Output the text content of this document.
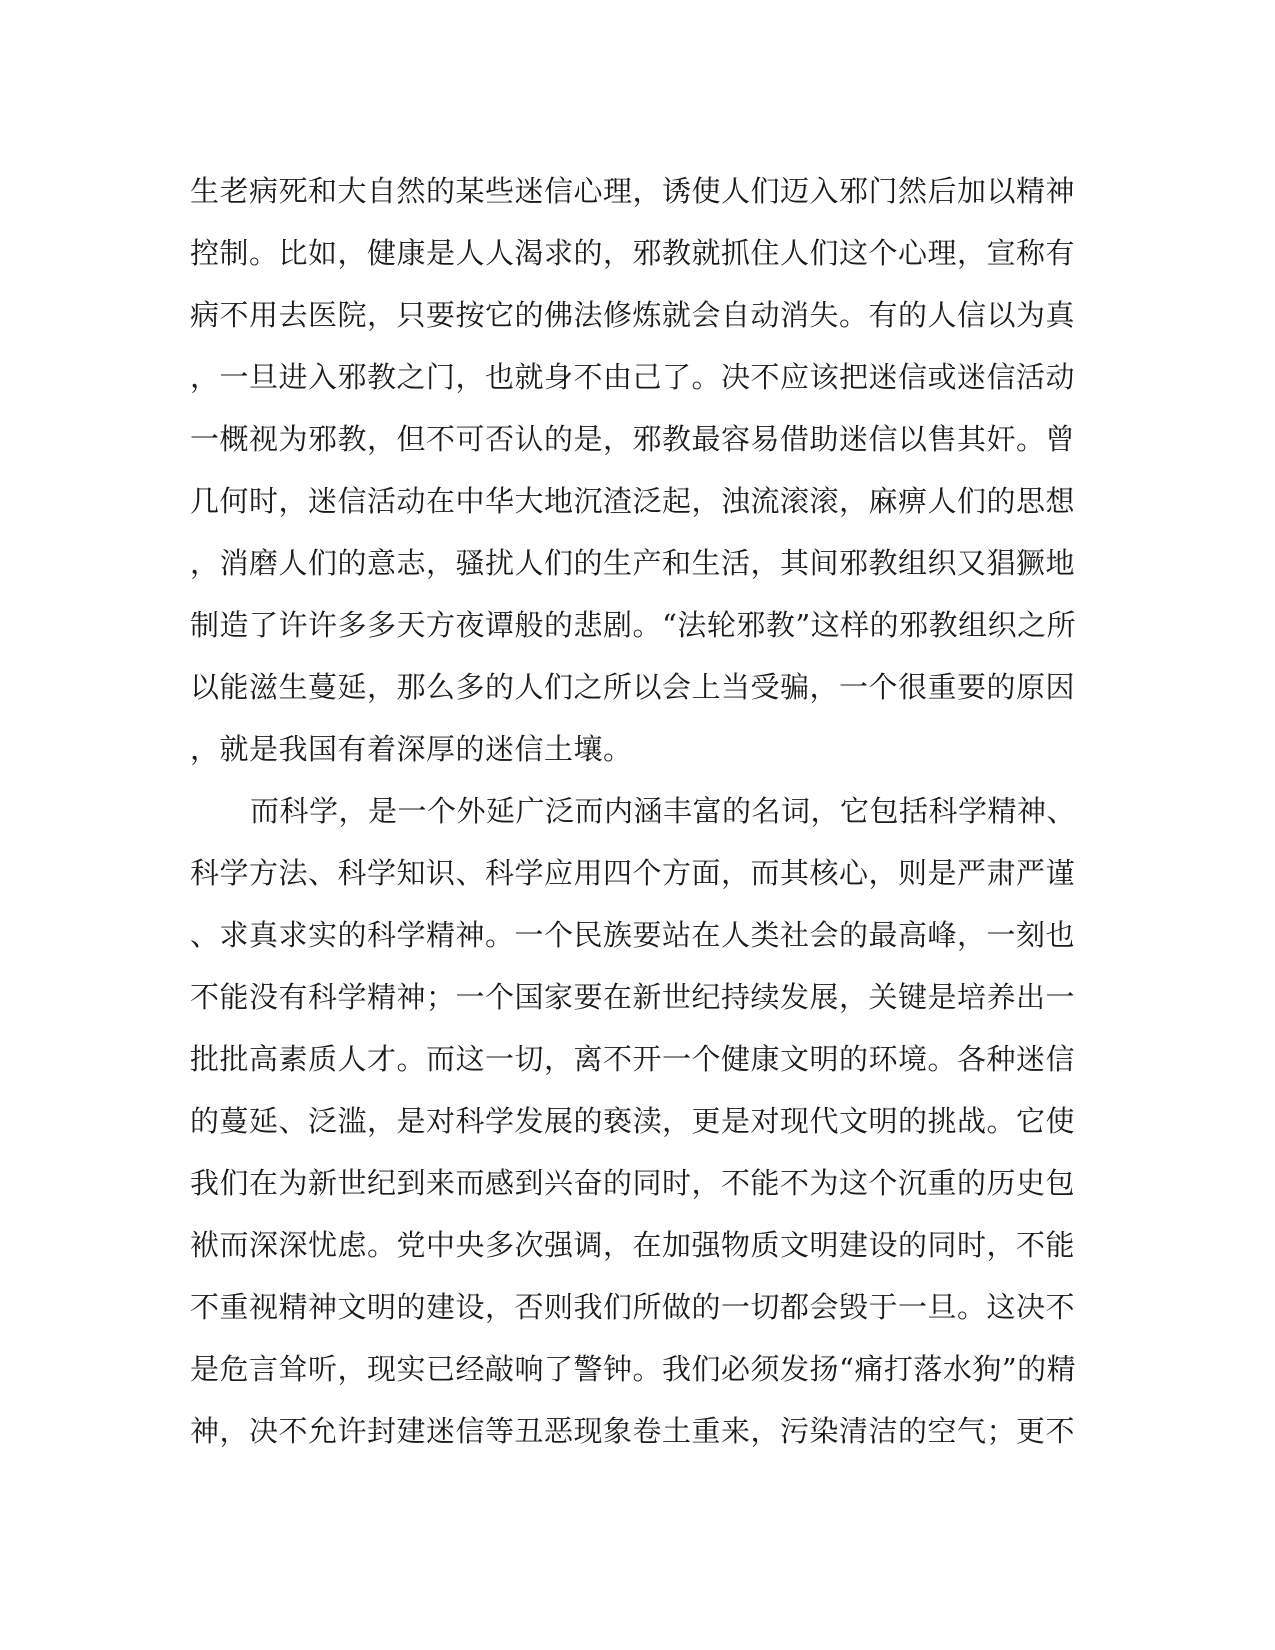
生老病死和大自然的某些迷信心理，诱使人们迈入邪门然后加以精神
控制。比如，健康是人人渴求的，邪教就抓住人们这个心理，宣称有
病不用去医院，只要按它的佛法修炼就会自动消失。有的人信以为真
，一旦进入邪教之门，也就身不由己了。决不应该把迷信或迷信活动
一概视为邪教，但不可否认的是，邪教最容易借助迷信以售其奸。曾
几何时，迷信活动在中华大地沉渣泛起，浊流滚滚，麻痹人们的思想
，消磨人们的意志，骚扰人们的生产和生活，其间邪教组织又猖獗地
制造了许许多多天方夜谭般的悲剧。“法轮邪教”这样的邪教组织之所
以能滋生蔓延，那么多的人们之所以会上当受骗，一个很重要的原因
，就是我国有着深厚的迷信土壤。
而科学，是一个外延广泛而内涵丰富的名词，它包括科学精神、
科学方法、科学知识、科学应用四个方面，而其核心，则是严肃严谨
、求真求实的科学精神。一个民族要站在人类社会的最高峰，一刻也
不能没有科学精神；一个国家要在新世纪持续发展，关键是培养出一
批批高素质人才。而这一切，离不开一个健康文明的环境。各种迷信
的蔓延、泛滥，是对科学发展的亵渎，更是对现代文明的挑战。它使
我们在为新世纪到来而感到兴奋的同时，不能不为这个沉重的历史包
袱而深深忧虑。党中央多次强调，在加强物质文明建设的同时，不能
不重视精神文明的建设，否则我们所做的一切都会毁于一旦。这决不
是危言耸听，现实已经敲响了警钟。我们必须发扬“痛打落水狗”的精
神，决不允许封建迷信等丑恶现象卷土重来，污染清洁的空气；更不
